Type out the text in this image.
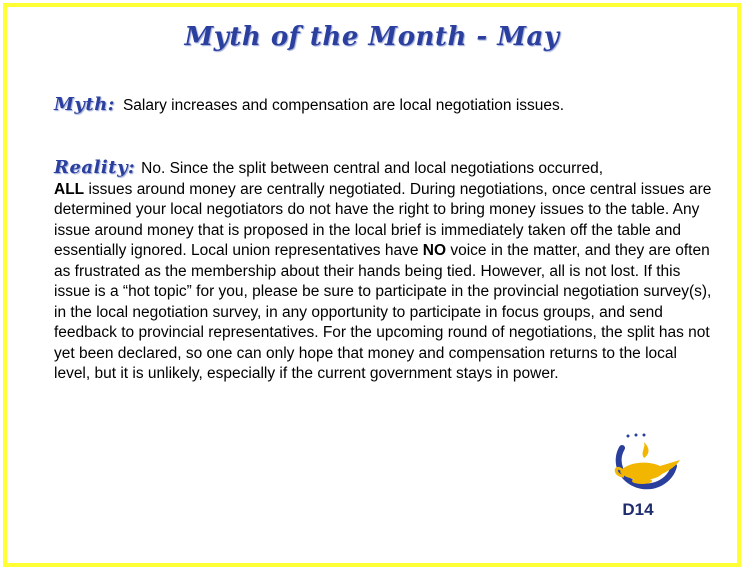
Myth of the Month - May
Myth: Salary increases and compensation are local negotiation issues.
Reality: No. Since the split between central and local negotiations occurred,
ALL issues around money are centrally negotiated. During negotiations, once central issues are determined your local negotiators do not have the right to bring money issues to the table. Any issue around money that is proposed in the local brief is immediately taken off the table and essentially ignored. Local union representatives have NO voice in the matter, and they are often as frustrated as the membership about their hands being tied. However, all is not lost. If this issue is a “hot topic” for you, please be sure to participate in the provincial negotiation survey(s), in the local negotiation survey, in any opportunity to participate in focus groups, and send feedback to provincial representatives. For the upcoming round of negotiations, the split has not yet been declared, so one can only hope that money and compensation returns to the local level, but it is unlikely, especially if the current government stays in power.
D14
